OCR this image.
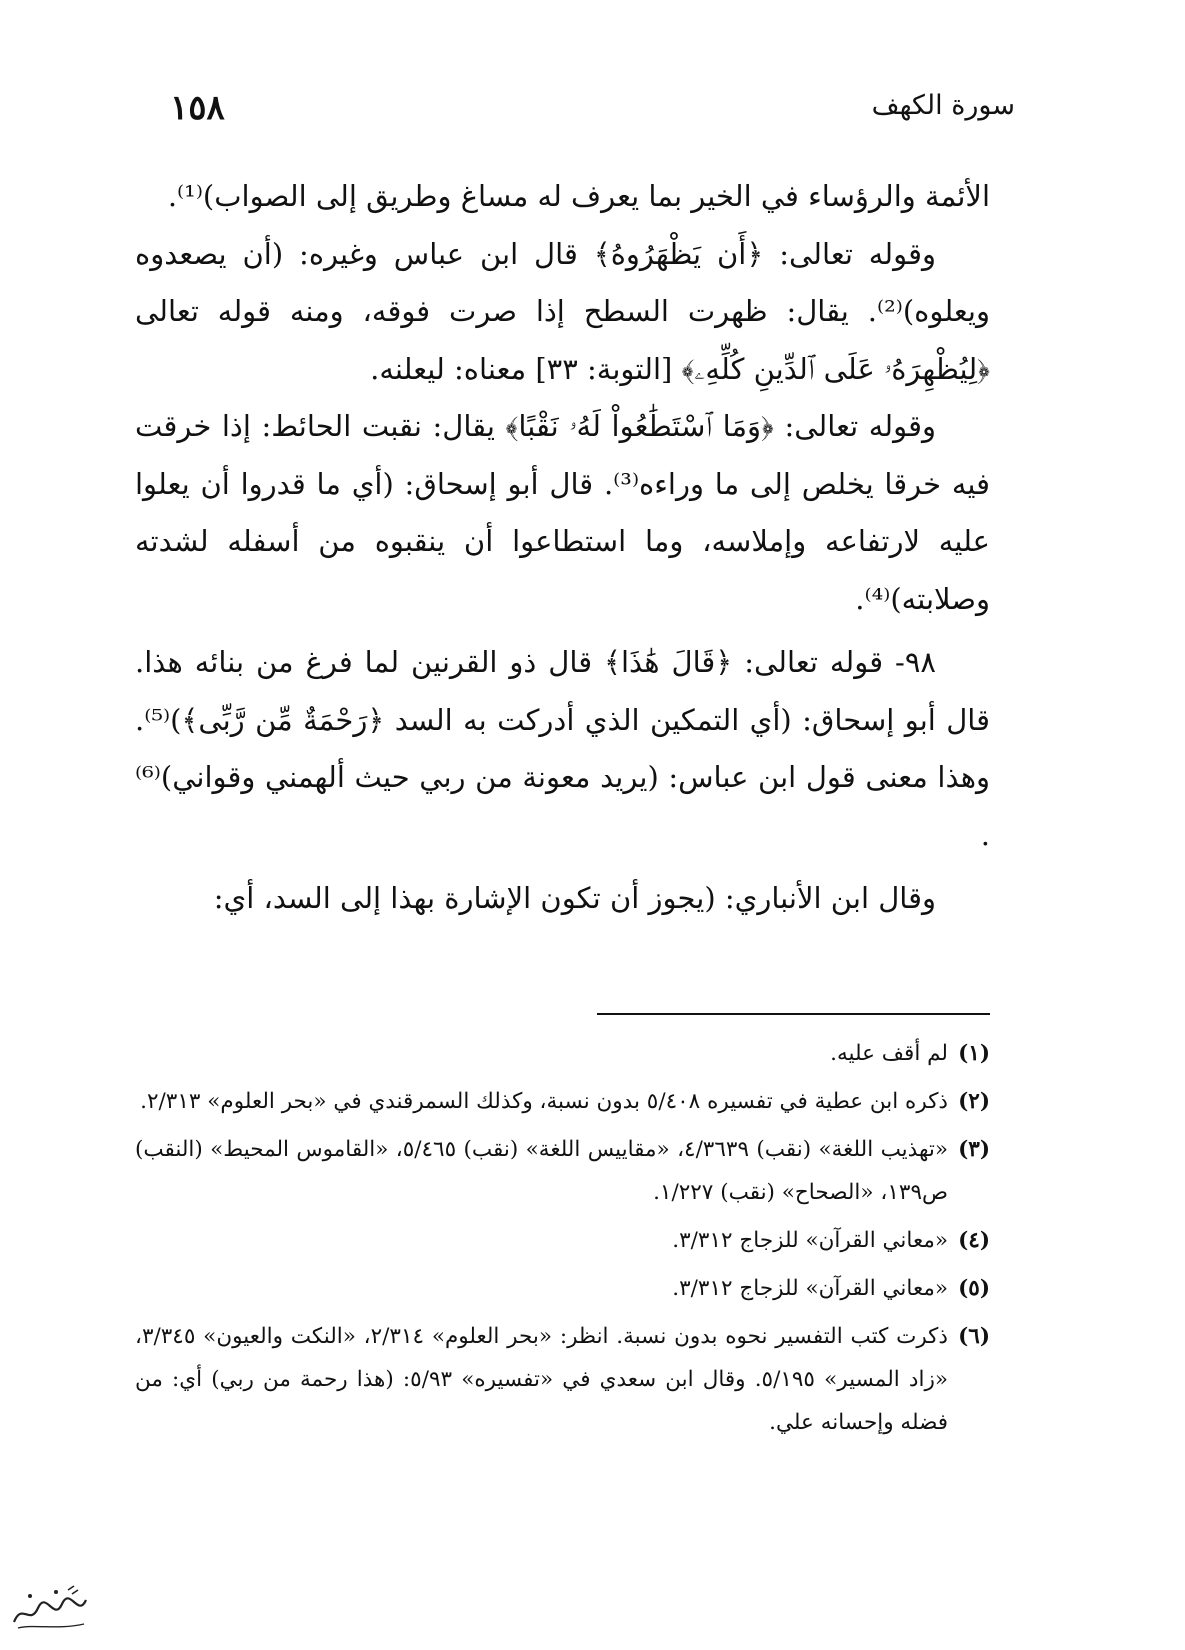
١٥٨	سورة الكهف

الأئمة والرؤساء في الخير بما يعرف له مساغ وطريق إلى الصواب)⁽¹⁾.

وقوله تعالى: ﴿أَن يَظْهَرُوهُ﴾ قال ابن عباس وغيره: (أن يصعدوه ويعلوه)⁽²⁾. يقال: ظهرت السطح إذا صرت فوقه، ومنه قوله تعالى ﴿لِيُظْهِرَهُۥ عَلَى ٱلدِّينِ كُلِّهِۦ﴾ [التوبة: ٣٣] معناه: ليعلنه.

وقوله تعالى: ﴿وَمَا ٱسْتَطَٰعُواْ لَهُۥ نَقْبًا﴾ يقال: نقبت الحائط: إذا خرقت فيه خرقا يخلص إلى ما وراءه⁽³⁾. قال أبو إسحاق: (أي ما قدروا أن يعلوا عليه لارتفاعه وإملاسه، وما استطاعوا أن ينقبوه من أسفله لشدته وصلابته)⁽⁴⁾.

٩٨- قوله تعالى: ﴿قَالَ هَٰذَا﴾ قال ذو القرنين لما فرغ من بنائه هذا. قال أبو إسحاق: (أي التمكين الذي أدركت به السد ﴿رَحْمَةٌ مِّن رَّبِّى﴾)⁽⁵⁾. وهذا معنى قول ابن عباس: (يريد معونة من ربي حيث ألهمني وقواني)⁽⁶⁾ .

وقال ابن الأنباري: (يجوز أن تكون الإشارة بهذا إلى السد، أي:

(١)
لم أقف عليه.
(٢)
ذكره ابن عطية في تفسيره ٥/٤٠٨ بدون نسبة، وكذلك السمرقندي في «بحر العلوم» ٢/٣١٣.
(٣)
«تهذيب اللغة» (نقب) ٤/٣٦٣٩، «مقاييس اللغة» (نقب) ٥/٤٦٥، «القاموس المحيط» (النقب) ص١٣٩، «الصحاح» (نقب) ١/٢٢٧.
(٤)
«معاني القرآن» للزجاج ٣/٣١٢.
(٥)
«معاني القرآن» للزجاج ٣/٣١٢.
(٦)
ذكرت كتب التفسير نحوه بدون نسبة. انظر: «بحر العلوم» ٢/٣١٤، «النكت والعيون» ٣/٣٤٥، «زاد المسير» ٥/١٩٥. وقال ابن سعدي في «تفسيره» ٥/٩٣: (هذا رحمة من ربي) أي: من فضله وإحسانه علي.
